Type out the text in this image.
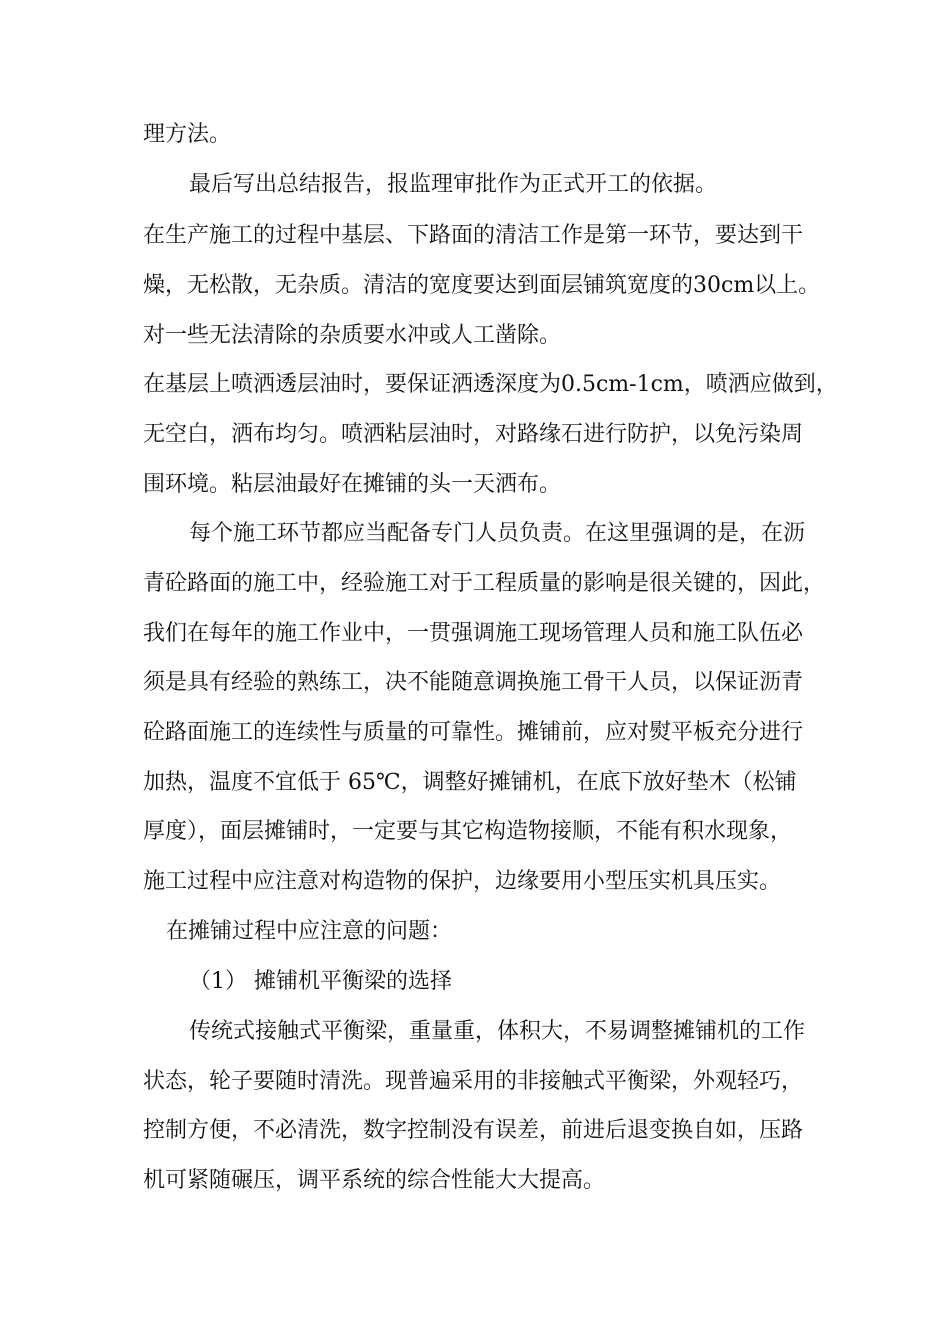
理方法。
最后写出总结报告，报监理审批作为正式开工的依据。
在生产施工的过程中基层、下路面的清洁工作是第一环节，要达到干
燥，无松散，无杂质。清洁的宽度要达到面层铺筑宽度的30cm以上。
对一些无法清除的杂质要水冲或人工凿除。
在基层上喷洒透层油时，要保证洒透深度为0.5cm-1cm，喷洒应做到，
无空白，洒布均匀。喷洒粘层油时，对路缘石进行防护，以免污染周
围环境。粘层油最好在摊铺的头一天洒布。
每个施工环节都应当配备专门人员负责。在这里强调的是，在沥
青砼路面的施工中，经验施工对于工程质量的影响是很关键的，因此，
我们在每年的施工作业中，一贯强调施工现场管理人员和施工队伍必
须是具有经验的熟练工，决不能随意调换施工骨干人员，以保证沥青
砼路面施工的连续性与质量的可靠性。摊铺前，应对熨平板充分进行
加热，温度不宜低于 65℃，调整好摊铺机，在底下放好垫木（松铺
厚度），面层摊铺时，一定要与其它构造物接顺，不能有积水现象，
施工过程中应注意对构造物的保护，边缘要用小型压实机具压实。
在摊铺过程中应注意的问题：
（1） 摊铺机平衡梁的选择
传统式接触式平衡梁，重量重，体积大，不易调整摊铺机的工作
状态，轮子要随时清洗。现普遍采用的非接触式平衡梁，外观轻巧，
控制方便，不必清洗，数字控制没有误差，前进后退变换自如，压路
机可紧随碾压，调平系统的综合性能大大提高。
